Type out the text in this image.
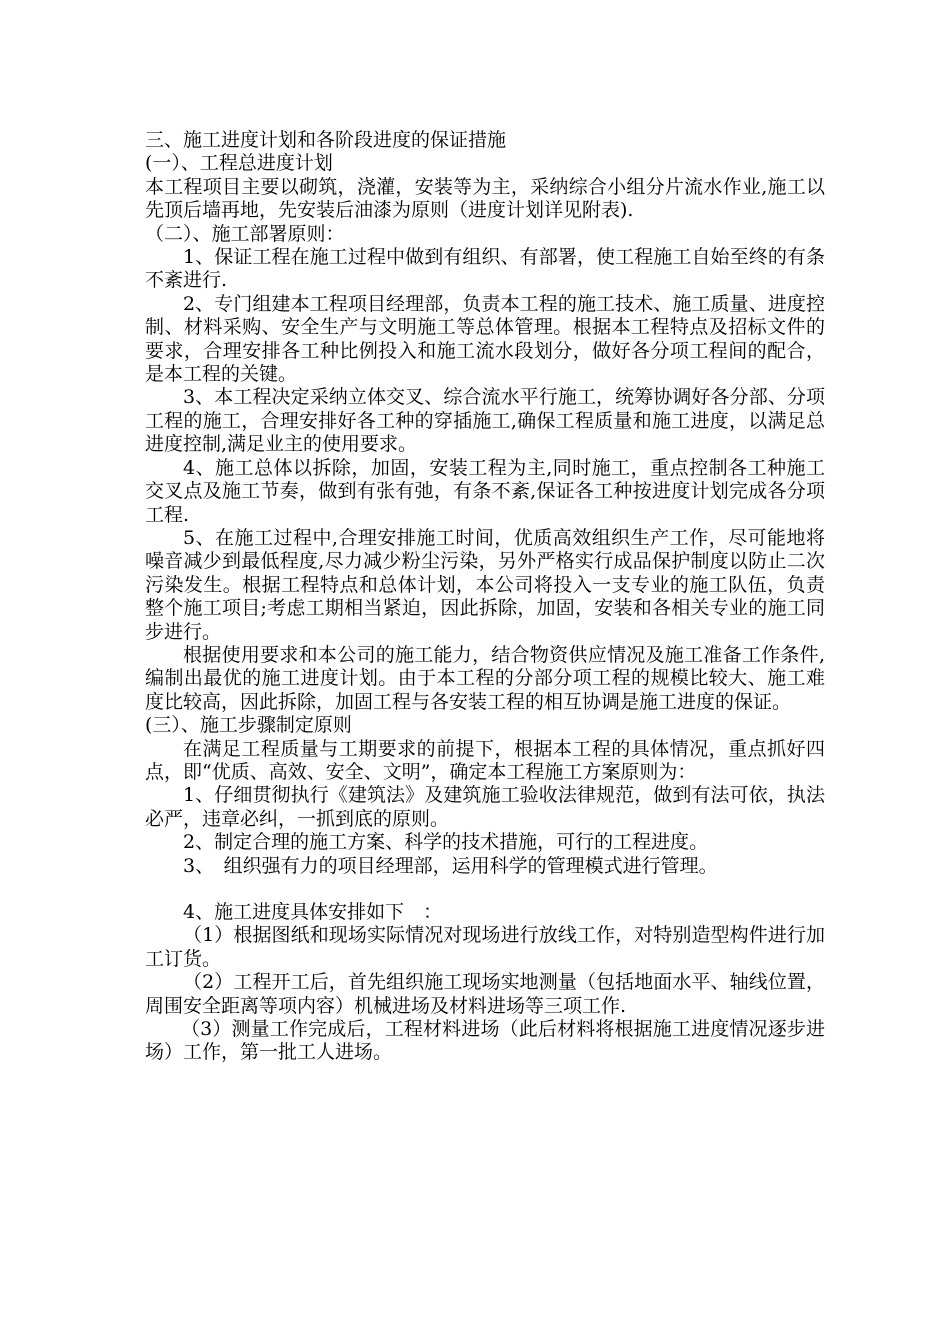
三、施工进度计划和各阶段进度的保证措施

(一）、工程总进度计划

本工程项目主要以砌筑，浇灌，安装等为主，采纳综合小组分片流水作业,施工以先顶后墙再地，先安装后油漆为原则（进度计划详见附表).

（二）、施工部署原则：

1、保证工程在施工过程中做到有组织、有部署，使工程施工自始至终的有条不紊进行.

2、专门组建本工程项目经理部，负责本工程的施工技术、施工质量、进度控制、材料采购、安全生产与文明施工等总体管理。根据本工程特点及招标文件的要求，合理安排各工种比例投入和施工流水段划分，做好各分项工程间的配合，是本工程的关键。

3、本工程决定采纳立体交叉、综合流水平行施工，统筹协调好各分部、分项工程的施工，合理安排好各工种的穿插施工,确保工程质量和施工进度，以满足总进度控制,满足业主的使用要求。

4、施工总体以拆除，加固，安装工程为主,同时施工，重点控制各工种施工交叉点及施工节奏，做到有张有弛，有条不紊,保证各工种按进度计划完成各分项工程.

5、在施工过程中,合理安排施工时间，优质高效组织生产工作，尽可能地将噪音减少到最低程度,尽力减少粉尘污染，另外严格实行成品保护制度以防止二次污染发生。根据工程特点和总体计划，本公司将投入一支专业的施工队伍，负责整个施工项目;考虑工期相当紧迫，因此拆除，加固，安装和各相关专业的施工同步进行。

根据使用要求和本公司的施工能力，结合物资供应情况及施工准备工作条件,编制出最优的施工进度计划。由于本工程的分部分项工程的规模比较大、施工难度比较高，因此拆除，加固工程与各安装工程的相互协调是施工进度的保证。

(三）、施工步骤制定原则

在满足工程质量与工期要求的前提下，根据本工程的具体情况，重点抓好四点，即“优质、高效、安全、文明”，确定本工程施工方案原则为：

1、仔细贯彻执行《建筑法》及建筑施工验收法律规范，做到有法可依，执法必严，违章必纠，一抓到底的原则。

2、制定合理的施工方案、科学的技术措施，可行的工程进度。

3、　组织强有力的项目经理部，运用科学的管理模式进行管理。

4、施工进度具体安排如下　：

（1）根据图纸和现场实际情况对现场进行放线工作，对特别造型构件进行加工订货。

（2）工程开工后，首先组织施工现场实地测量（包括地面水平、轴线位置，周围安全距离等项内容）机械进场及材料进场等三项工作.

（3）测量工作完成后，工程材料进场（此后材料将根据施工进度情况逐步进场）工作，第一批工人进场。
